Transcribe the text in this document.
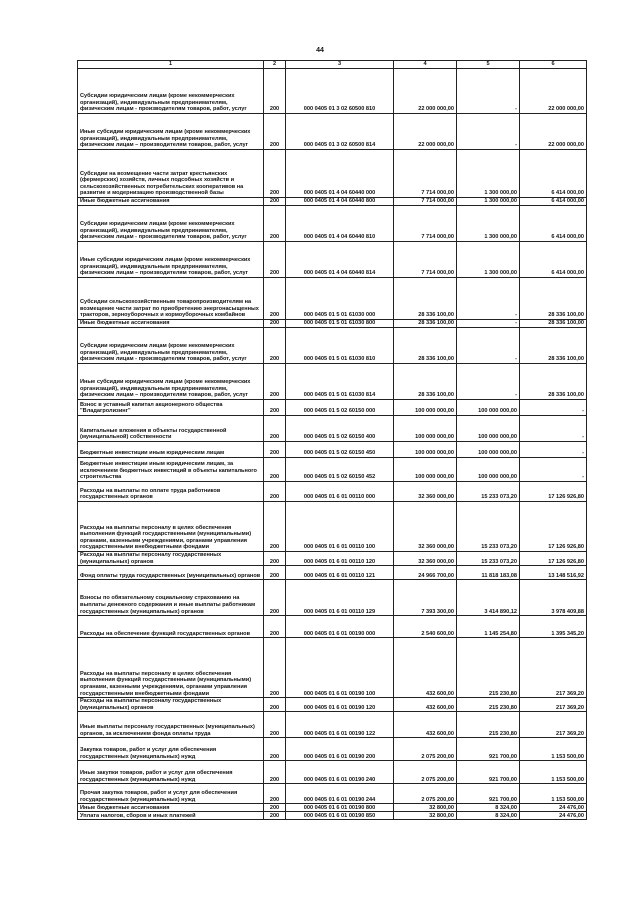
44
1	2	3	4	5	6
Субсидии юридическим лицам (кроме некоммерческих организаций), индивидуальным предпринимателям, физическим лицам - производителям товаров, работ, услуг	200	000 0405 01 3 02 60500 810	22 000 000,00	-	22 000 000,00
Иные субсидии юридическим лицам (кроме некоммерческих организаций), индивидуальным предпринимателям, физическим лицам – производителям товаров, работ, услуг	200	000 0405 01 3 02 60500 814	22 000 000,00	-	22 000 000,00
Субсидии на возмещение части затрат крестьянских (фермерских) хозяйств, личных подсобных хозяйств и сельскохозяйственных потребительских кооперативов на развитие и модернизацию производственной базы	200	000 0405 01 4 04 60440 000	7 714 000,00	1 300 000,00	6 414 000,00
Иные бюджетные ассигнования	200	000 0405 01 4 04 60440 800	7 714 000,00	1 300 000,00	6 414 000,00
Субсидии юридическим лицам (кроме некоммерческих организаций), индивидуальным предпринимателям, физическим лицам - производителям товаров, работ, услуг	200	000 0405 01 4 04 60440 810	7 714 000,00	1 300 000,00	6 414 000,00
Иные субсидии юридическим лицам (кроме некоммерческих организаций), индивидуальным предпринимателям, физическим лицам – производителям товаров, работ, услуг	200	000 0405 01 4 04 60440 814	7 714 000,00	1 300 000,00	6 414 000,00
Субсидии сельскохозяйственным товаропроизводителям на возмещение части затрат по приобретению энергонасыщенных тракторов, зерноуборочных и кормоуборочных комбайнов	200	000 0405 01 5 01 61030 000	28 336 100,00	-	28 336 100,00
Иные бюджетные ассигнования	200	000 0405 01 5 01 61030 800	28 336 100,00	-	28 336 100,00
Субсидии юридическим лицам (кроме некоммерческих организаций), индивидуальным предпринимателям, физическим лицам - производителям товаров, работ, услуг	200	000 0405 01 5 01 61030 810	28 336 100,00	-	28 336 100,00
Иные субсидии юридическим лицам (кроме некоммерческих организаций), индивидуальным предпринимателям, физическим лицам – производителям товаров, работ, услуг	200	000 0405 01 5 01 61030 814	28 336 100,00	-	28 336 100,00
Взнос в уставный капитал акционерного общества "Владагролизинг"	200	000 0405 01 5 02 60150 000	100 000 000,00	100 000 000,00	-
Капитальные вложения в объекты государственной (муниципальной) собственности	200	000 0405 01 5 02 60150 400	100 000 000,00	100 000 000,00	-
Бюджетные инвестиции иным юридическим лицам	200	000 0405 01 5 02 60150 450	100 000 000,00	100 000 000,00	-
Бюджетные инвестиции иным юридическим лицам, за исключением бюджетных инвестиций в объекты капитального строительства	200	000 0405 01 5 02 60150 452	100 000 000,00	100 000 000,00	-
Расходы на выплаты по оплате труда работников государственных органов	200	000 0405 01 6 01 00110 000	32 360 000,00	15 233 073,20	17 126 926,80
Расходы на выплаты персоналу в целях обеспечения выполнения функций государственными (муниципальными) органами, казенными учреждениями, органами управления государственными внебюджетными фондами	200	000 0405 01 6 01 00110 100	32 360 000,00	15 233 073,20	17 126 926,80
Расходы на выплаты персоналу государственных (муниципальных) органов	200	000 0405 01 6 01 00110 120	32 360 000,00	15 233 073,20	17 126 926,80
Фонд оплаты труда государственных (муниципальных) органов	200	000 0405 01 6 01 00110 121	24 966 700,00	11 818 183,08	13 148 516,92
Взносы по обязательному социальному страхованию на выплаты денежного содержания и иные выплаты работникам государственных (муниципальных) органов	200	000 0405 01 6 01 00110 129	7 393 300,00	3 414 890,12	3 978 409,88
Расходы на обеспечение функций государственных органов	200	000 0405 01 6 01 00190 000	2 540 600,00	1 145 254,80	1 395 345,20
Расходы на выплаты персоналу в целях обеспечения выполнения функций государственными (муниципальными) органами, казенными учреждениями, органами управления государственными внебюджетными фондами	200	000 0405 01 6 01 00190 100	432 600,00	215 230,80	217 369,20
Расходы на выплаты персоналу государственных (муниципальных) органов	200	000 0405 01 6 01 00190 120	432 600,00	215 230,80	217 369,20
Иные выплаты персоналу государственных (муниципальных) органов, за исключением фонда оплаты труда	200	000 0405 01 6 01 00190 122	432 600,00	215 230,80	217 369,20
Закупка товаров, работ и услуг для обеспечения государственных (муниципальных) нужд	200	000 0405 01 6 01 00190 200	2 075 200,00	921 700,00	1 153 500,00
Иные закупки товаров, работ и услуг для обеспечения государственных (муниципальных) нужд	200	000 0405 01 6 01 00190 240	2 075 200,00	921 700,00	1 153 500,00
Прочая закупка товаров, работ и услуг для обеспечения государственных (муниципальных) нужд	200	000 0405 01 6 01 00190 244	2 075 200,00	921 700,00	1 153 500,00
Иные бюджетные ассигнования	200	000 0405 01 6 01 00190 800	32 800,00	8 324,00	24 476,00
Уплата налогов, сборов и иных платежей	200	000 0405 01 6 01 00190 850	32 800,00	8 324,00	24 476,00
